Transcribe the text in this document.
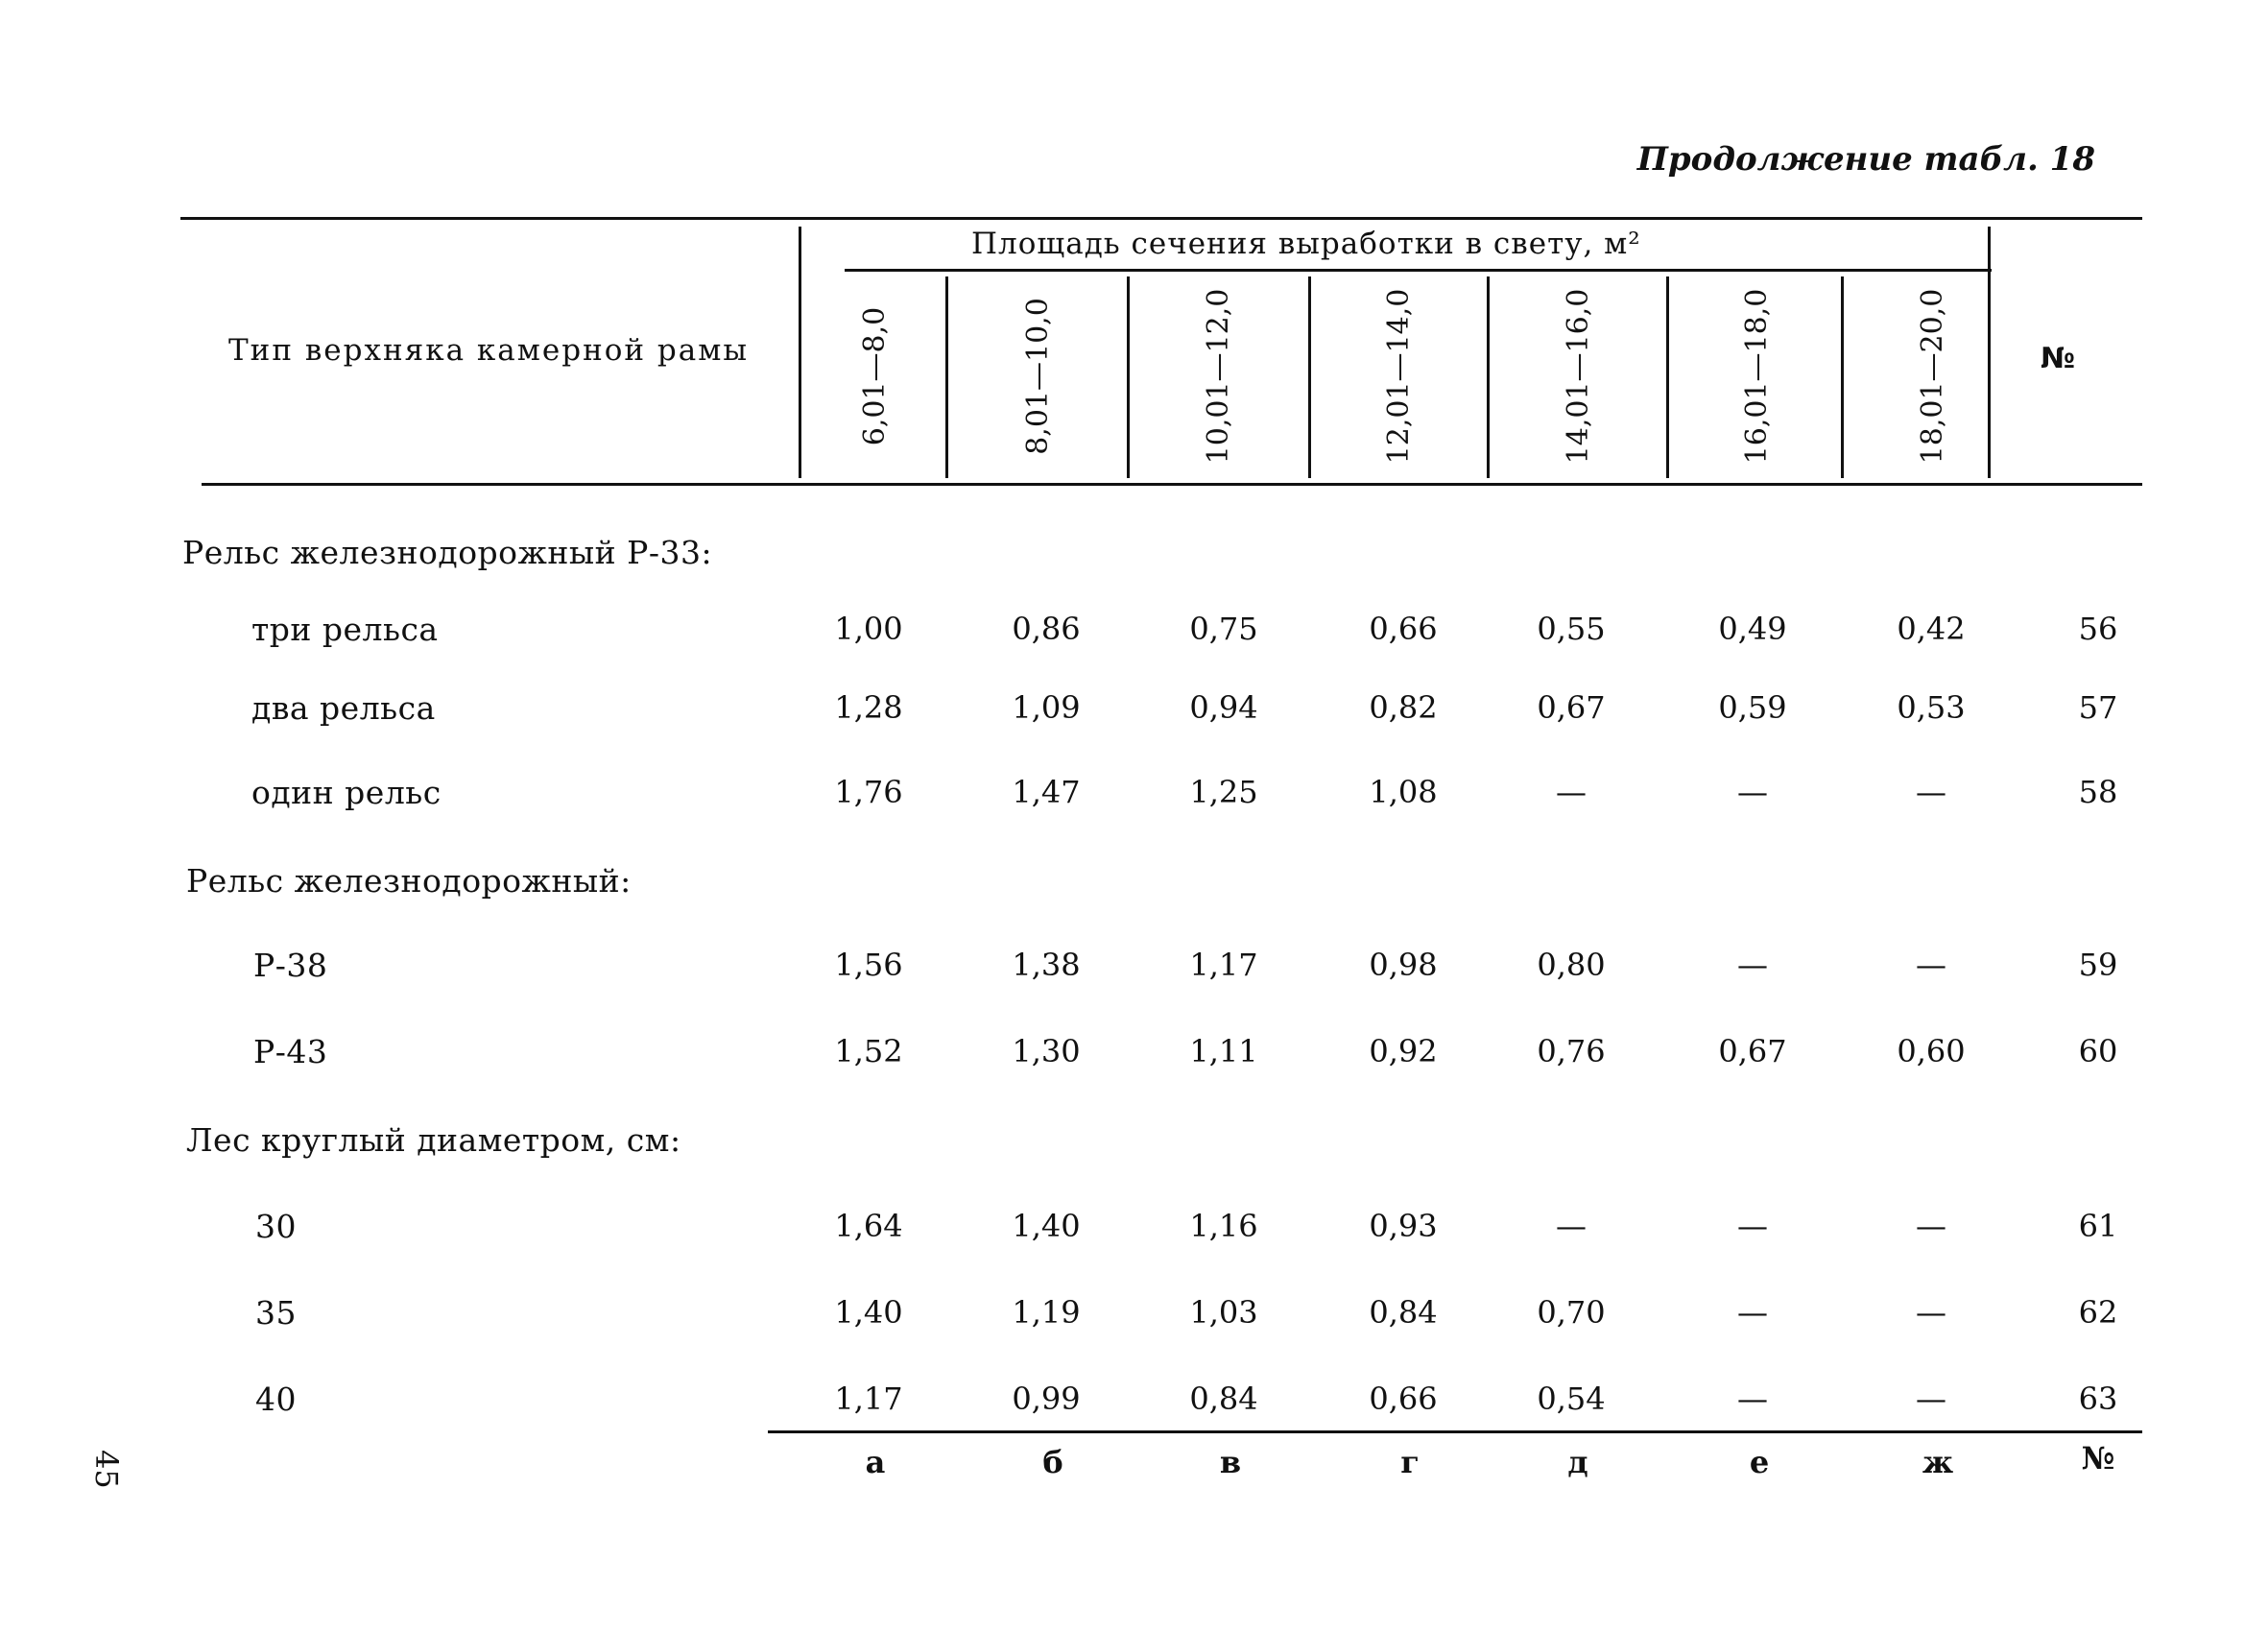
Продолжение табл. 18
Тип верхняка камерной рамы
Площадь сечения выработки в свету, м²
№
6,01—8,0	8,01—10,0	10,01—12,0	12,01—14,0	14,01—16,0	16,01—18,0	18,01—20,0
Рельс железнодорожный Р-33:
три рельса	1,00	0,86	0,75	0,66	0,55	0,49	0,42	56
два рельса	1,28	1,09	0,94	0,82	0,67	0,59	0,53	57
один рельс	1,76	1,47	1,25	1,08	—	—	—	58
Рельс железнодорожный:
Р-38	1,56	1,38	1,17	0,98	0,80	—	—	59
Р-43	1,52	1,30	1,11	0,92	0,76	0,67	0,60	60
Лес круглый диаметром, см:
30	1,64	1,40	1,16	0,93	—	—	—	61
35	1,40	1,19	1,03	0,84	0,70	—	—	62
40	1,17	0,99	0,84	0,66	0,54	—	—	63
а	б	в	г	д	е	ж	№
45
